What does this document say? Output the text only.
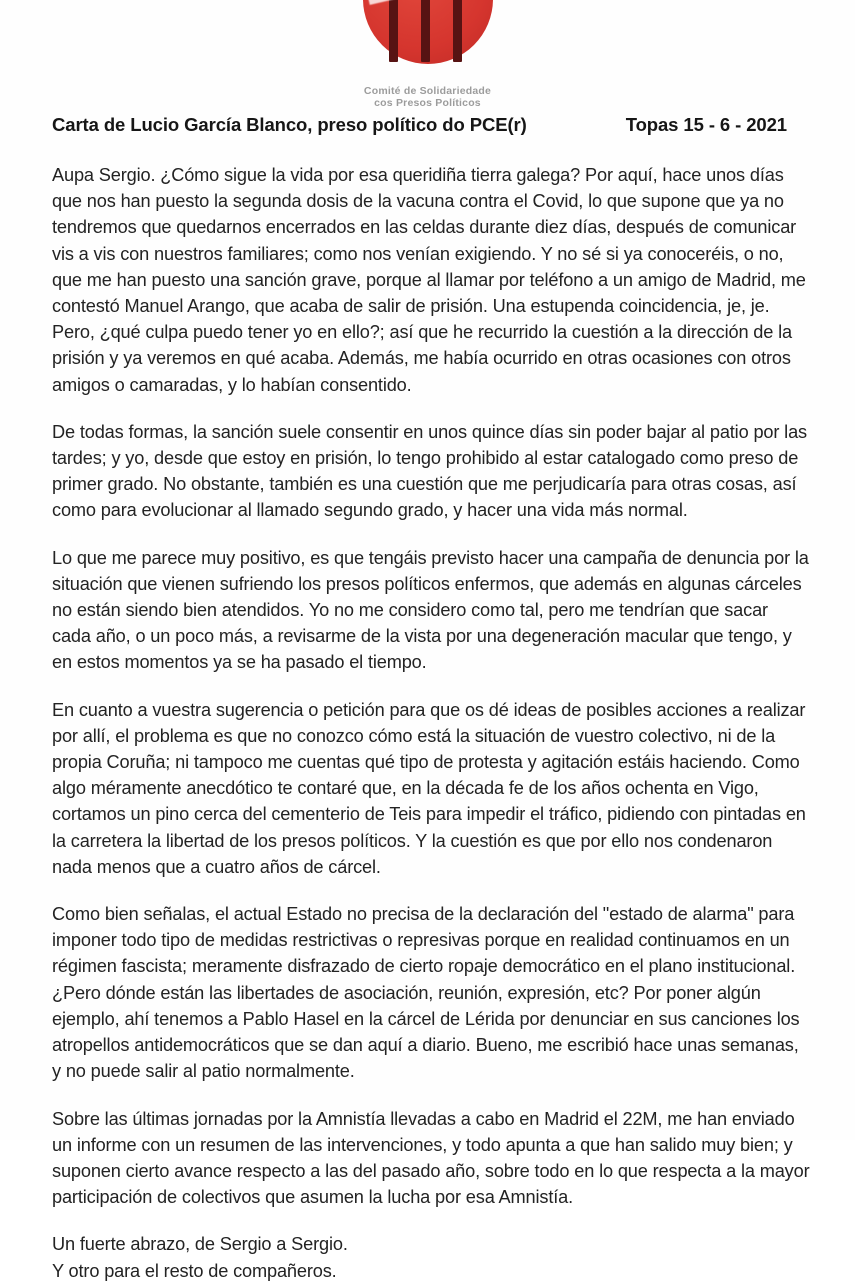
Comité de Solidariedade
cos Presos Políticos
Carta de Lucio García Blanco, preso político do PCE(r)	Topas 15 - 6 - 2021

Aupa Sergio. ¿Cómo sigue la vida por esa queridiña tierra galega? Por aquí, hace unos días que nos han puesto la segunda dosis de la vacuna contra el Covid, lo que supone que ya no tendremos que quedarnos encerrados en las celdas durante diez días, después de comunicar vis a vis con nuestros familiares; como nos venían exigiendo. Y no sé si ya conoceréis, o no, que me han puesto una sanción grave, porque al llamar por teléfono a un amigo de Madrid, me contestó Manuel Arango, que acaba de salir de prisión. Una estupenda coincidencia, je, je. Pero, ¿qué culpa puedo tener yo en ello?; así que he recurrido la cuestión a la dirección de la prisión y ya veremos en qué acaba. Además, me había ocurrido en otras ocasiones con otros amigos o camaradas, y lo habían consentido.

De todas formas, la sanción suele consentir en unos quince días sin poder bajar al patio por las tardes; y yo, desde que estoy en prisión, lo tengo prohibido al estar catalogado como preso de primer grado. No obstante, también es una cuestión que me perjudicaría para otras cosas, así como para evolucionar al llamado segundo grado, y hacer una vida más normal.

Lo que me parece muy positivo, es que tengáis previsto hacer una campaña de denuncia por la situación que vienen sufriendo los presos políticos enfermos, que además en algunas cárceles no están siendo bien atendidos. Yo no me considero como tal, pero me tendrían que sacar cada año, o un poco más, a revisarme de la vista por una degeneración macular que tengo, y en estos momentos ya se ha pasado el tiempo.

En cuanto a vuestra sugerencia o petición para que os dé ideas de posibles acciones a realizar por allí, el problema es que no conozco cómo está la situación de vuestro colectivo, ni de la propia Coruña; ni tampoco me cuentas qué tipo de protesta y agitación estáis haciendo. Como algo méramente anecdótico te contaré que, en la década fe de los años ochenta en Vigo, cortamos un pino cerca del cementerio de Teis para impedir el tráfico, pidiendo con pintadas en la carretera la libertad de los presos políticos. Y la cuestión es que por ello nos condenaron nada menos que a cuatro años de cárcel.

Como bien señalas, el actual Estado no precisa de la declaración del "estado de alarma" para imponer todo tipo de medidas restrictivas o represivas porque en realidad continuamos en un régimen fascista; meramente disfrazado de cierto ropaje democrático en el plano institucional. ¿Pero dónde están las libertades de asociación, reunión, expresión, etc? Por poner algún ejemplo, ahí tenemos a Pablo Hasel en la cárcel de Lérida por denunciar en sus canciones los atropellos antidemocráticos que se dan aquí a diario. Bueno, me escribió hace unas semanas, y no puede salir al patio normalmente.

Sobre las últimas jornadas por la Amnistía llevadas a cabo en Madrid el 22M, me han enviado un informe con un resumen de las intervenciones, y todo apunta a que han salido muy bien; y suponen cierto avance respecto a las del pasado año, sobre todo en lo que respecta a la mayor participación de colectivos que asumen la lucha por esa Amnistía.

Un fuerte abrazo, de Sergio a Sergio.
Y otro para el resto de compañeros.
